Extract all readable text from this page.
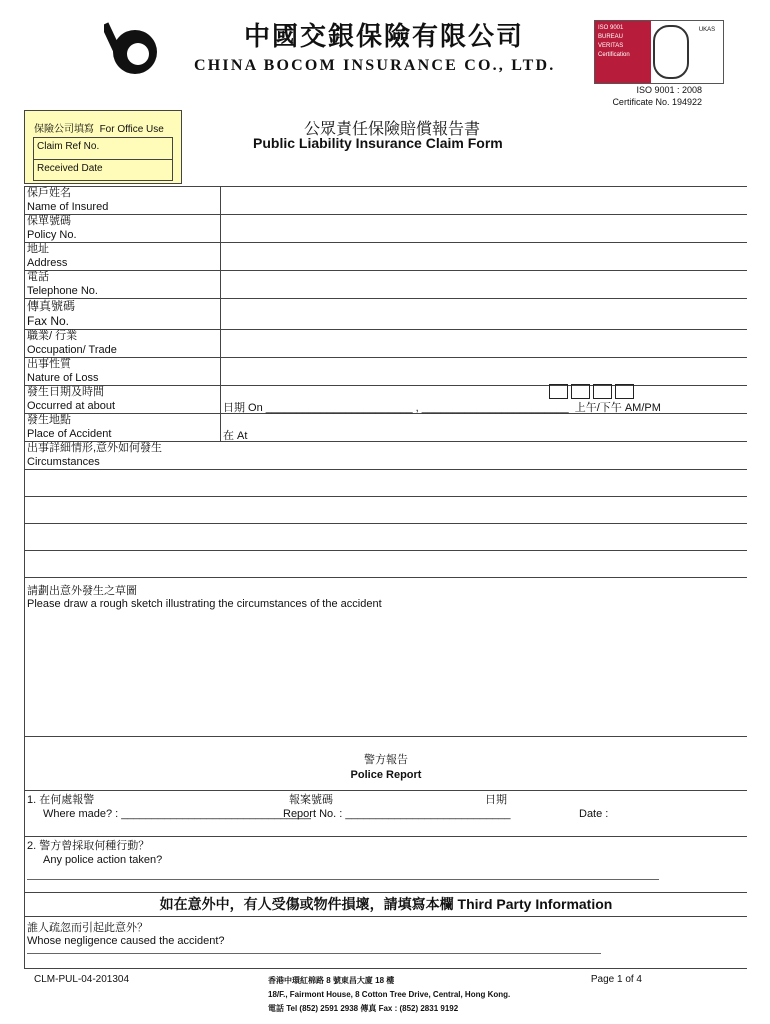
中國交銀保險有限公司
CHINA BOCOM INSURANCE CO., LTD.
ISO 9001
BUREAU VERITAS
Certification
UKAS
ISO 9001 : 2008
Certificate No. 194922
保險公司填寫 For Office Use
Claim Ref No.
Received Date
公眾責任保險賠償報告書
Public Liability Insurance Claim Form
保戶姓名
Name of Insured
保單號碼
Policy No.
地址
Address
電話
Telephone No.
傳真號碼
Fax No.
職業/ 行業
Occupation/ Trade
出事性質
Nature of Loss
發生日期及時間
Occurred at about	日期 On ________________________ , ________________________ 上午/下午 AM/PM
發生地點
Place of Accident	在 At
出事詳細情形,意外如何發生
Circumstances
請劃出意外發生之草圖
Please draw a rough sketch illustrating the circumstances of the accident
警方報告
Police Report
1. 在何處報警
Where made? : _______________________________
報案號碼
Report No. : ___________________________
日期
Date :
2. 警方曾採取何種行動？
Any police action taken?
如在意外中，有人受傷或物件損壞，請填寫本欄 Third Party Information
誰人疏忽而引起此意外？
Whose negligence caused the accident?
CLM-PUL-04-201304	香港中環紅棉路 8 號東昌大廈 18 樓
18/F., Fairmont House, 8 Cotton Tree Drive, Central, Hong Kong.
電話 Tel (852) 2591 2938 傳真 Fax : (852) 2831 9192
Page 1 of 4
